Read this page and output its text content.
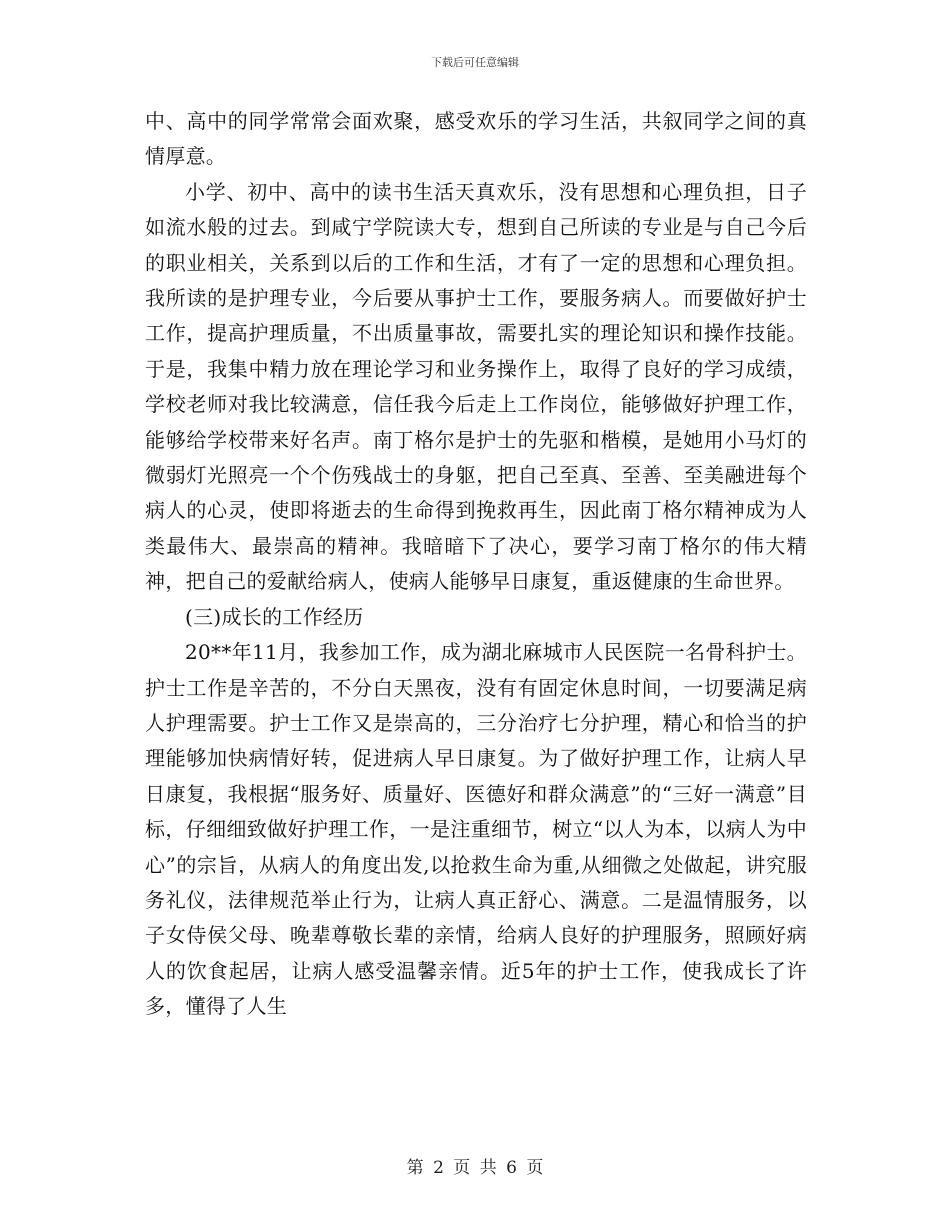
下载后可任意编辑

中、高中的同学常常会面欢聚，感受欢乐的学习生活，共叙同学之间的真情厚意。

小学、初中、高中的读书生活天真欢乐，没有思想和心理负担，日子如流水般的过去。到咸宁学院读大专，想到自己所读的专业是与自己今后的职业相关，关系到以后的工作和生活，才有了一定的思想和心理负担。我所读的是护理专业，今后要从事护士工作，要服务病人。而要做好护士工作，提高护理质量，不出质量事故，需要扎实的理论知识和操作技能。于是，我集中精力放在理论学习和业务操作上，取得了良好的学习成绩，学校老师对我比较满意，信任我今后走上工作岗位，能够做好护理工作，能够给学校带来好名声。南丁格尔是护士的先驱和楷模，是她用小马灯的微弱灯光照亮一个个伤残战士的身躯，把自己至真、至善、至美融进每个病人的心灵，使即将逝去的生命得到挽救再生，因此南丁格尔精神成为人类最伟大、最崇高的精神。我暗暗下了决心，要学习南丁格尔的伟大精神，把自己的爱献给病人，使病人能够早日康复，重返健康的生命世界。

(三)成长的工作经历

20**年11月，我参加工作，成为湖北麻城市人民医院一名骨科护士。护士工作是辛苦的，不分白天黑夜，没有有固定休息时间，一切要满足病人护理需要。护士工作又是崇高的，三分治疗七分护理，精心和恰当的护理能够加快病情好转，促进病人早日康复。为了做好护理工作，让病人早日康复，我根据“服务好、质量好、医德好和群众满意”的“三好一满意”目标，仔细细致做好护理工作，一是注重细节，树立“以人为本，以病人为中心”的宗旨，从病人的角度出发,以抢救生命为重,从细微之处做起，讲究服务礼仪，法律规范举止行为，让病人真正舒心、满意。二是温情服务，以子女侍侯父母、晚辈尊敬长辈的亲情，给病人良好的护理服务，照顾好病人的饮食起居，让病人感受温馨亲情。近5年的护士工作，使我成长了许多，懂得了人生

第 2 页 共 6 页
